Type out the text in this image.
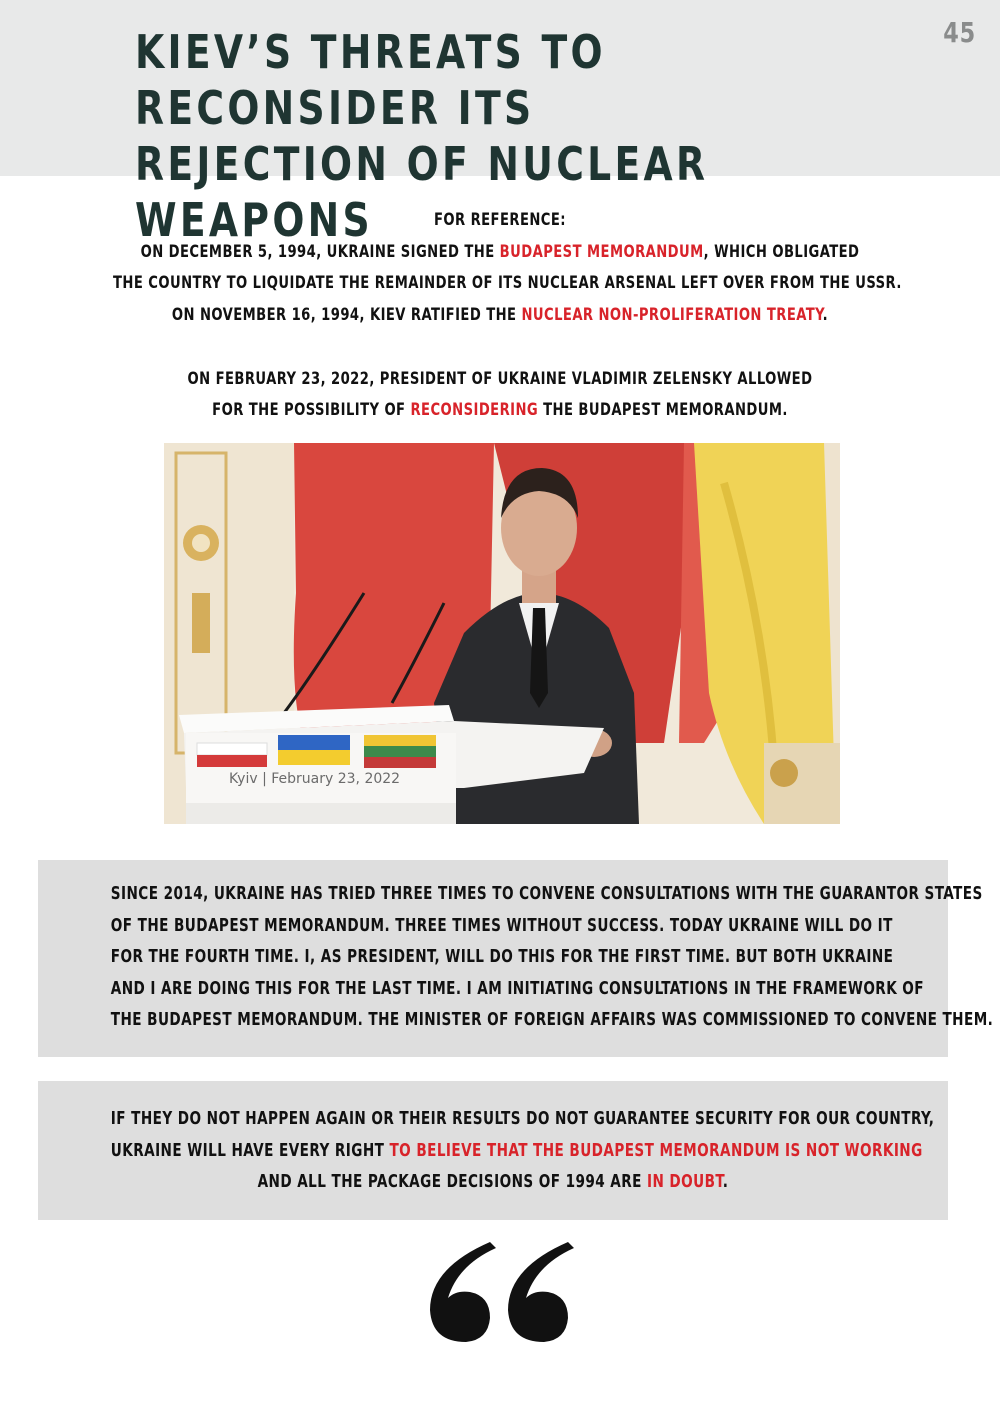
KIEV’S THREATS TO RECONSIDER ITS
REJECTION OF NUCLEAR WEAPONS
45
FOR REFERENCE:
ON DECEMBER 5, 1994, UKRAINE SIGNED THE BUDAPEST MEMORANDUM, WHICH OBLIGATED
THE COUNTRY TO LIQUIDATE THE REMAINDER OF ITS NUCLEAR ARSENAL LEFT OVER FROM THE USSR.
ON NOVEMBER 16, 1994, KIEV RATIFIED THE NUCLEAR NON-PROLIFERATION TREATY.
ON FEBRUARY 23, 2022, PRESIDENT OF UKRAINE VLADIMIR ZELENSKY ALLOWED
FOR THE POSSIBILITY OF RECONSIDERING THE BUDAPEST MEMORANDUM.
Kyiv | February 23, 2022
SINCE 2014, UKRAINE HAS TRIED THREE TIMES TO CONVENE CONSULTATIONS WITH THE GUARANTOR STATES
OF THE BUDAPEST MEMORANDUM. THREE TIMES WITHOUT SUCCESS. TODAY UKRAINE WILL DO IT
FOR THE FOURTH TIME. I, AS PRESIDENT, WILL DO THIS FOR THE FIRST TIME. BUT BOTH UKRAINE
AND I ARE DOING THIS FOR THE LAST TIME. I AM INITIATING CONSULTATIONS IN THE FRAMEWORK OF
THE BUDAPEST MEMORANDUM. THE MINISTER OF FOREIGN AFFAIRS WAS COMMISSIONED TO CONVENE THEM.
IF THEY DO NOT HAPPEN AGAIN OR THEIR RESULTS DO NOT GUARANTEE SECURITY FOR OUR COUNTRY,
UKRAINE WILL HAVE EVERY RIGHT TO BELIEVE THAT THE BUDAPEST MEMORANDUM IS NOT WORKING
AND ALL THE PACKAGE DECISIONS OF 1994 ARE IN DOUBT.
